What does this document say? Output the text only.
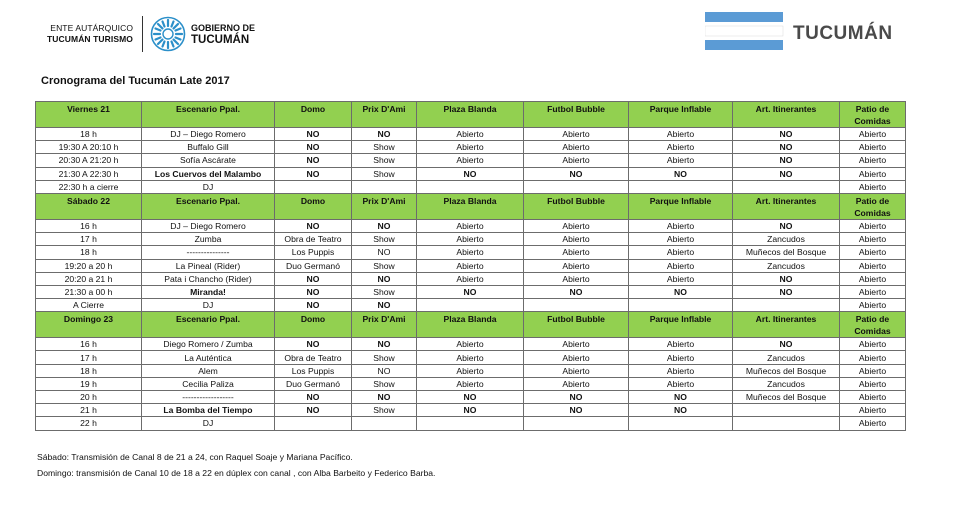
ENTE AUTÁRQUICO
TUCUMÁN TURISMO
GOBIERNO DE
TUCUMÁN	TUCUMÁN
Cronograma del Tucumán Late 2017
Viernes 21	Escenario Ppal.	Domo	Prix D'Ami	Plaza Blanda	Futbol Bubble	Parque Inflable	Art. Itinerantes	Patio de Comidas
18 h	DJ – Diego Romero	NO	NO	Abierto	Abierto	Abierto	NO	Abierto
19:30 A 20:10 h	Buffalo Gill	NO	Show	Abierto	Abierto	Abierto	NO	Abierto
20:30 A 21:20 h	Sofía Ascárate	NO	Show	Abierto	Abierto	Abierto	NO	Abierto
21:30 A 22:30 h	Los Cuervos del Malambo	NO	Show	NO	NO	NO	NO	Abierto
22:30 h a cierre	DJ							Abierto
Sábado 22	Escenario Ppal.	Domo	Prix D'Ami	Plaza Blanda	Futbol Bubble	Parque Inflable	Art. Itinerantes	Patio de Comidas
16 h	DJ – Diego Romero	NO	NO	Abierto	Abierto	Abierto	NO	Abierto
17 h	Zumba	Obra de Teatro	Show	Abierto	Abierto	Abierto	Zancudos	Abierto
18 h	---------------	Los Puppis	NO	Abierto	Abierto	Abierto	Muñecos del Bosque	Abierto
19:20 a 20 h	La Pineal (Rider)	Duo Germanó	Show	Abierto	Abierto	Abierto	Zancudos	Abierto
20:20 a 21 h	Pata i Chancho (Rider)	NO	NO	Abierto	Abierto	Abierto	NO	Abierto
21:30 a 00 h	Miranda!	NO	Show	NO	NO	NO	NO	Abierto
A Cierre	DJ	NO	NO					Abierto
Domingo 23	Escenario Ppal.	Domo	Prix D'Ami	Plaza Blanda	Futbol Bubble	Parque Inflable	Art. Itinerantes	Patio de Comidas
16 h	Diego Romero / Zumba	NO	NO	Abierto	Abierto	Abierto	NO	Abierto
17 h	La Auténtica	Obra de Teatro	Show	Abierto	Abierto	Abierto	Zancudos	Abierto
18 h	Alem	Los Puppis	NO	Abierto	Abierto	Abierto	Muñecos del Bosque	Abierto
19 h	Cecilia Paliza	Duo Germanó	Show	Abierto	Abierto	Abierto	Zancudos	Abierto
20 h	------------------	NO	NO	NO	NO	NO	Muñecos del Bosque	Abierto
21 h	La Bomba del Tiempo	NO	Show	NO	NO	NO		Abierto
22 h	DJ							Abierto
Sábado: Transmisión de Canal 8 de 21 a 24, con Raquel Soaje y Mariana Pacífico.
Domingo: transmisión de Canal 10 de 18 a 22 en dúplex con canal , con Alba Barbeito y Federico Barba.
